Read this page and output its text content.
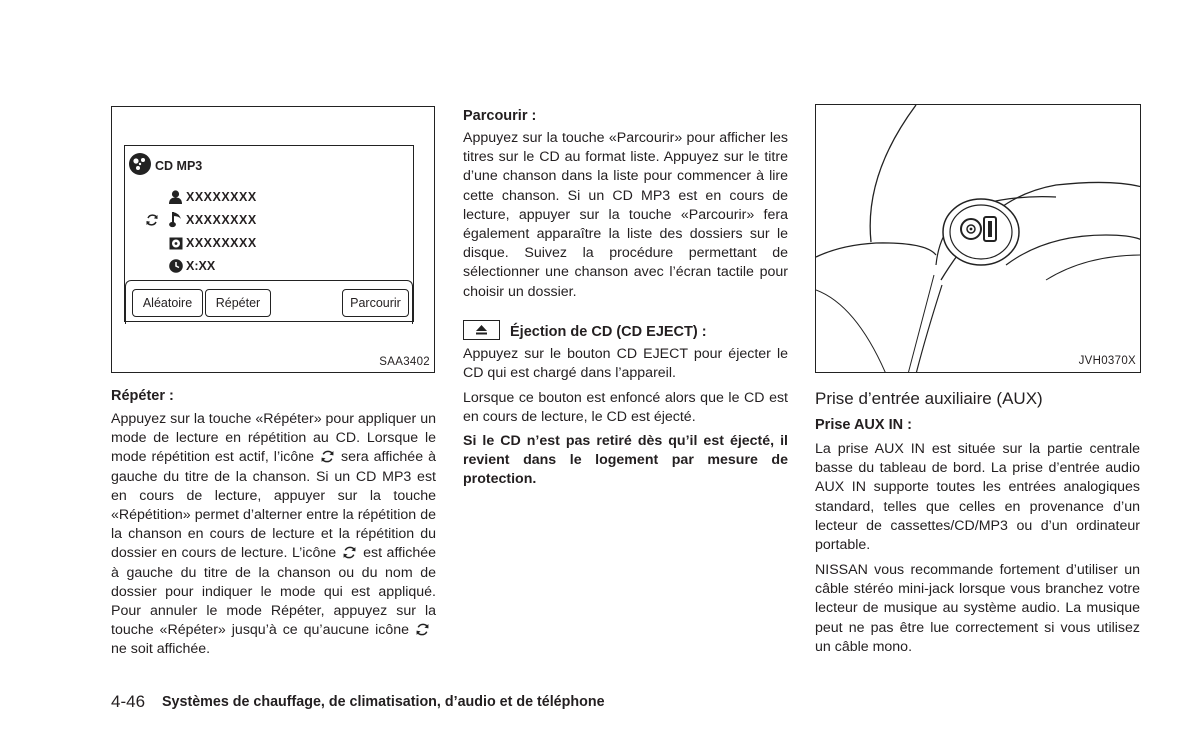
CD MP3
XXXXXXXX
XXXXXXXX
XXXXXXXX
X:XX
Aléatoire	Répéter	Parcourir
SAA3402
Répéter :

Appuyez sur la touche «Répéter» pour appliquer un mode de lecture en répétition au CD. Lorsque le mode répétition est actif, l’icône sera affichée à gauche du titre de la chanson. Si un CD MP3 est en cours de lecture, appuyer sur la touche «Répétition» permet d’alterner entre la répétition de la chanson en cours de lecture et la répétition du dossier en cours de lecture. L’icône est affichée à gauche du titre de la chanson ou du nom de dossier pour indiquer le mode qui est appliqué. Pour annuler le mode Répéter, appuyez sur la touche «Répéter» jusqu’à ce qu’aucune icônene soit affichée.

Parcourir :

Appuyez sur la touche «Parcourir» pour afficher les titres sur le CD au format liste. Appuyez sur le titre d’une chanson dans la liste pour commencer à lire cette chanson. Si un CD MP3 est en cours de lecture, appuyer sur la touche «Parcourir» fera également apparaître la liste des dossiers sur le disque. Suivez la procédure permettant de sélectionner une chanson avec l’écran tactile pour choisir un dossier.

Éjection de CD (CD EJECT) :

Appuyez sur le bouton CD EJECT pour éjecter le CD qui est chargé dans l’appareil.

Lorsque ce bouton est enfoncé alors que le CD est en cours de lecture, le CD est éjecté.

Si le CD n’est pas retiré dès qu’il est éjecté, il revient dans le logement par mesure de protection.

JVH0370X
Prise d’entrée auxiliaire (AUX)
Prise AUX IN :

La prise AUX IN est située sur la partie centrale basse du tableau de bord. La prise d’entrée audio AUX IN supporte toutes les entrées analogiques standard, telles que celles en provenance d’un lecteur de cassettes/CD/MP3 ou d’un ordinateur portable.

NISSAN vous recommande fortement d’utiliser un câble stéréo mini-jack lorsque vous branchez votre lecteur de musique au système audio. La musique peut ne pas être lue correctement si vous utilisez un câble mono.

4-46 Systèmes de chauffage, de climatisation, d’audio et de téléphone
